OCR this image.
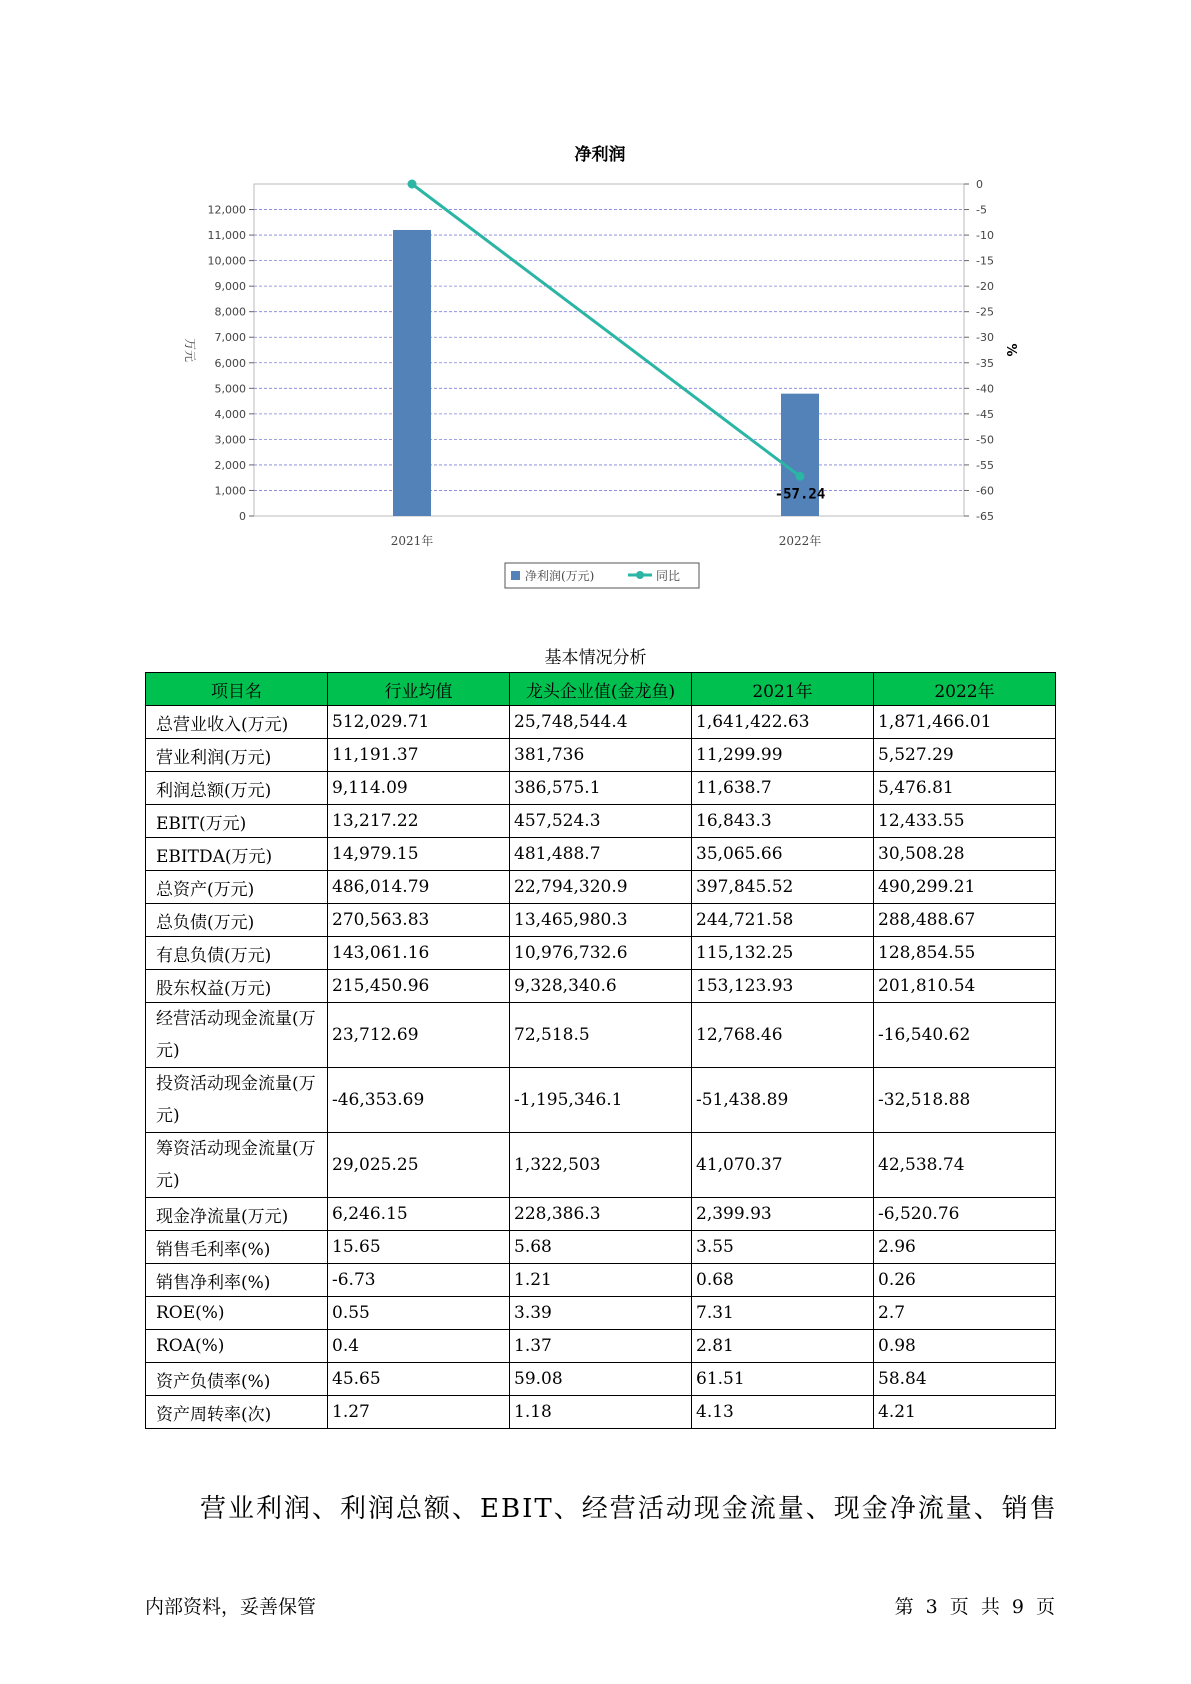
净利润
0
1,000
2,000
3,000
4,000
5,000
6,000
7,000
8,000
9,000
10,000
11,000
12,000
0
-5
-10
-15
-20
-25
-30
-35
-40
-45
-50
-55
-60
-65
万元	%
2021年	2022年
-57.24
净利润(万元)	同比
基本情况分析
项目名	行业均值	龙头企业值(金龙鱼)	2021年	2022年
总营业收入(万元)	512,029.71	25,748,544.4	1,641,422.63	1,871,466.01
营业利润(万元)	11,191.37	381,736	11,299.99	5,527.29
利润总额(万元)	9,114.09	386,575.1	11,638.7	5,476.81
EBIT(万元)	13,217.22	457,524.3	16,843.3	12,433.55
EBITDA(万元)	14,979.15	481,488.7	35,065.66	30,508.28
总资产(万元)	486,014.79	22,794,320.9	397,845.52	490,299.21
总负债(万元)	270,563.83	13,465,980.3	244,721.58	288,488.67
有息负债(万元)	143,061.16	10,976,732.6	115,132.25	128,854.55
股东权益(万元)	215,450.96	9,328,340.6	153,123.93	201,810.54
经营活动现金流量(万元)	23,712.69	72,518.5	12,768.46	-16,540.62
投资活动现金流量(万元)	-46,353.69	-1,195,346.1	-51,438.89	-32,518.88
筹资活动现金流量(万元)	29,025.25	1,322,503	41,070.37	42,538.74
现金净流量(万元)	6,246.15	228,386.3	2,399.93	-6,520.76
销售毛利率(%)	15.65	5.68	3.55	2.96
销售净利率(%)	-6.73	1.21	0.68	0.26
ROE(%)	0.55	3.39	7.31	2.7
ROA(%)	0.4	1.37	2.81	0.98
资产负债率(%)	45.65	59.08	61.51	58.84
资产周转率(次)	1.27	1.18	4.13	4.21
营业利润、利润总额、EBIT、经营活动现金流量、现金净流量、销售
内部资料，妥善保管	第 3 页 共 9 页
